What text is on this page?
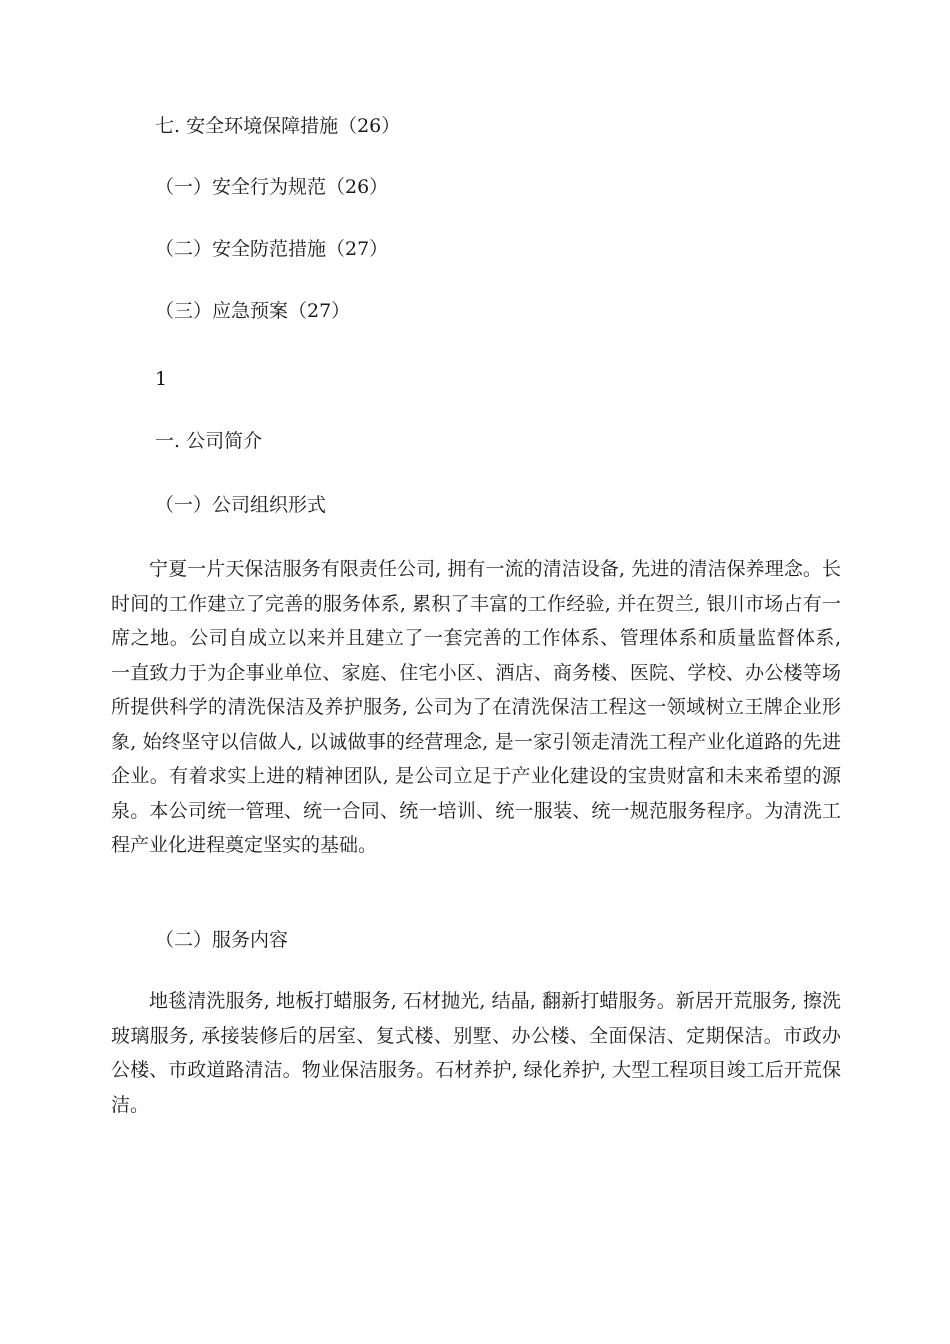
七. 安全环境保障措施（26）
（一）安全行为规范（26）
（二）安全防范措施（27）
（三）应急预案（27）
1
一. 公司简介
（一）公司组织形式
宁夏一片天保洁服务有限责任公司, 拥有一流的清洁设备, 先进的清洁保养理念。长时间的工作建立了完善的服务体系, 累积了丰富的工作经验, 并在贺兰, 银川市场占有一席之地。公司自成立以来并且建立了一套完善的工作体系、管理体系和质量监督体系, 一直致力于为企事业单位、家庭、住宅小区、酒店、商务楼、医院、学校、办公楼等场所提供科学的清洗保洁及养护服务, 公司为了在清洗保洁工程这一领域树立王牌企业形象, 始终坚守以信做人, 以诚做事的经营理念, 是一家引领走清洗工程产业化道路的先进企业。有着求实上进的精神团队, 是公司立足于产业化建设的宝贵财富和未来希望的源泉。本公司统一管理、统一合同、统一培训、统一服装、统一规范服务程序。为清洗工程产业化进程奠定坚实的基础。
（二）服务内容
地毯清洗服务, 地板打蜡服务, 石材抛光, 结晶, 翻新打蜡服务。新居开荒服务, 擦洗玻璃服务, 承接装修后的居室、复式楼、别墅、办公楼、全面保洁、定期保洁。市政办公楼、市政道路清洁。物业保洁服务。石材养护, 绿化养护, 大型工程项目竣工后开荒保洁。
